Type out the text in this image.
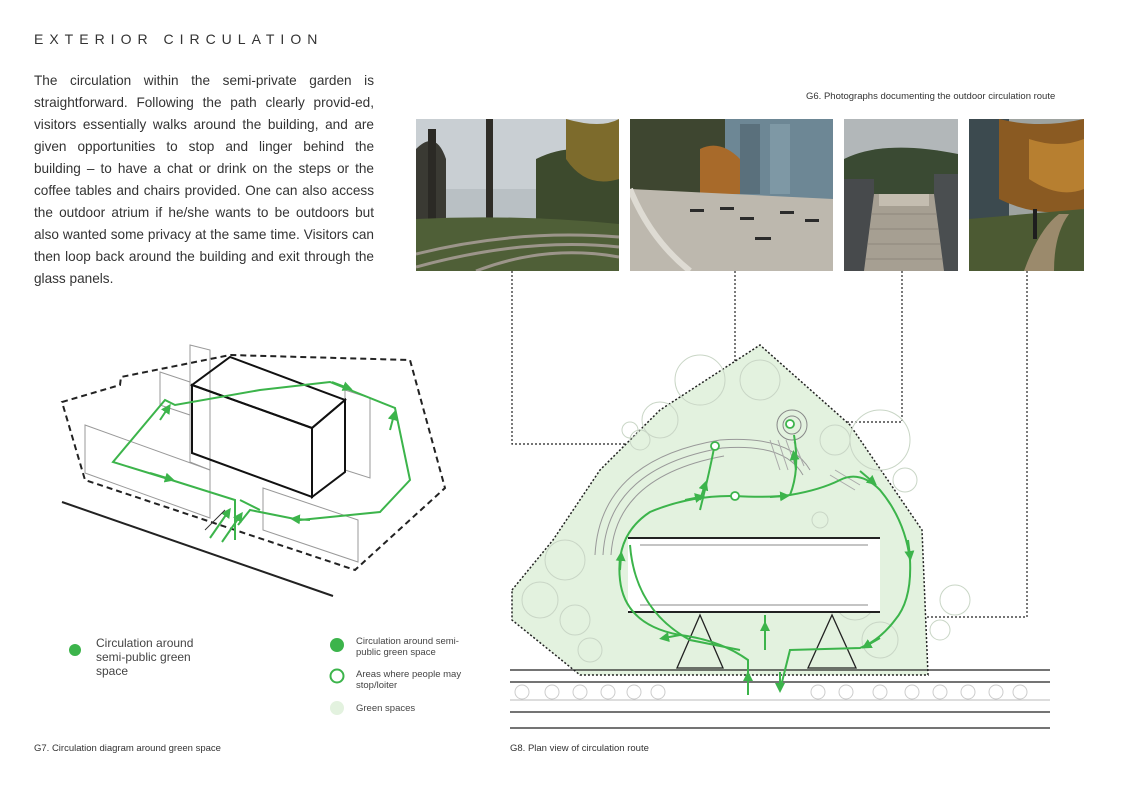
EXTERIOR CIRCULATION
The circulation within the semi-private garden is straightforward. Following the path clearly provid-ed, visitors essentially walks around the building, and are given opportunities to stop and linger behind the building – to have a chat or drink on the steps or the coffee tables and chairs provided. One can also access the outdoor atrium if he/she wants to be outdoors but also wanted some privacy at the same time. Visitors can then loop back around the building and exit through the glass panels.
G6. Photographs documenting the outdoor circulation route
Circulation around semi-public green space
Circulation around semi-public green space
Areas where people may stop/loiter
Green spaces
G7. Circulation diagram around green space	G8. Plan view of circulation route
